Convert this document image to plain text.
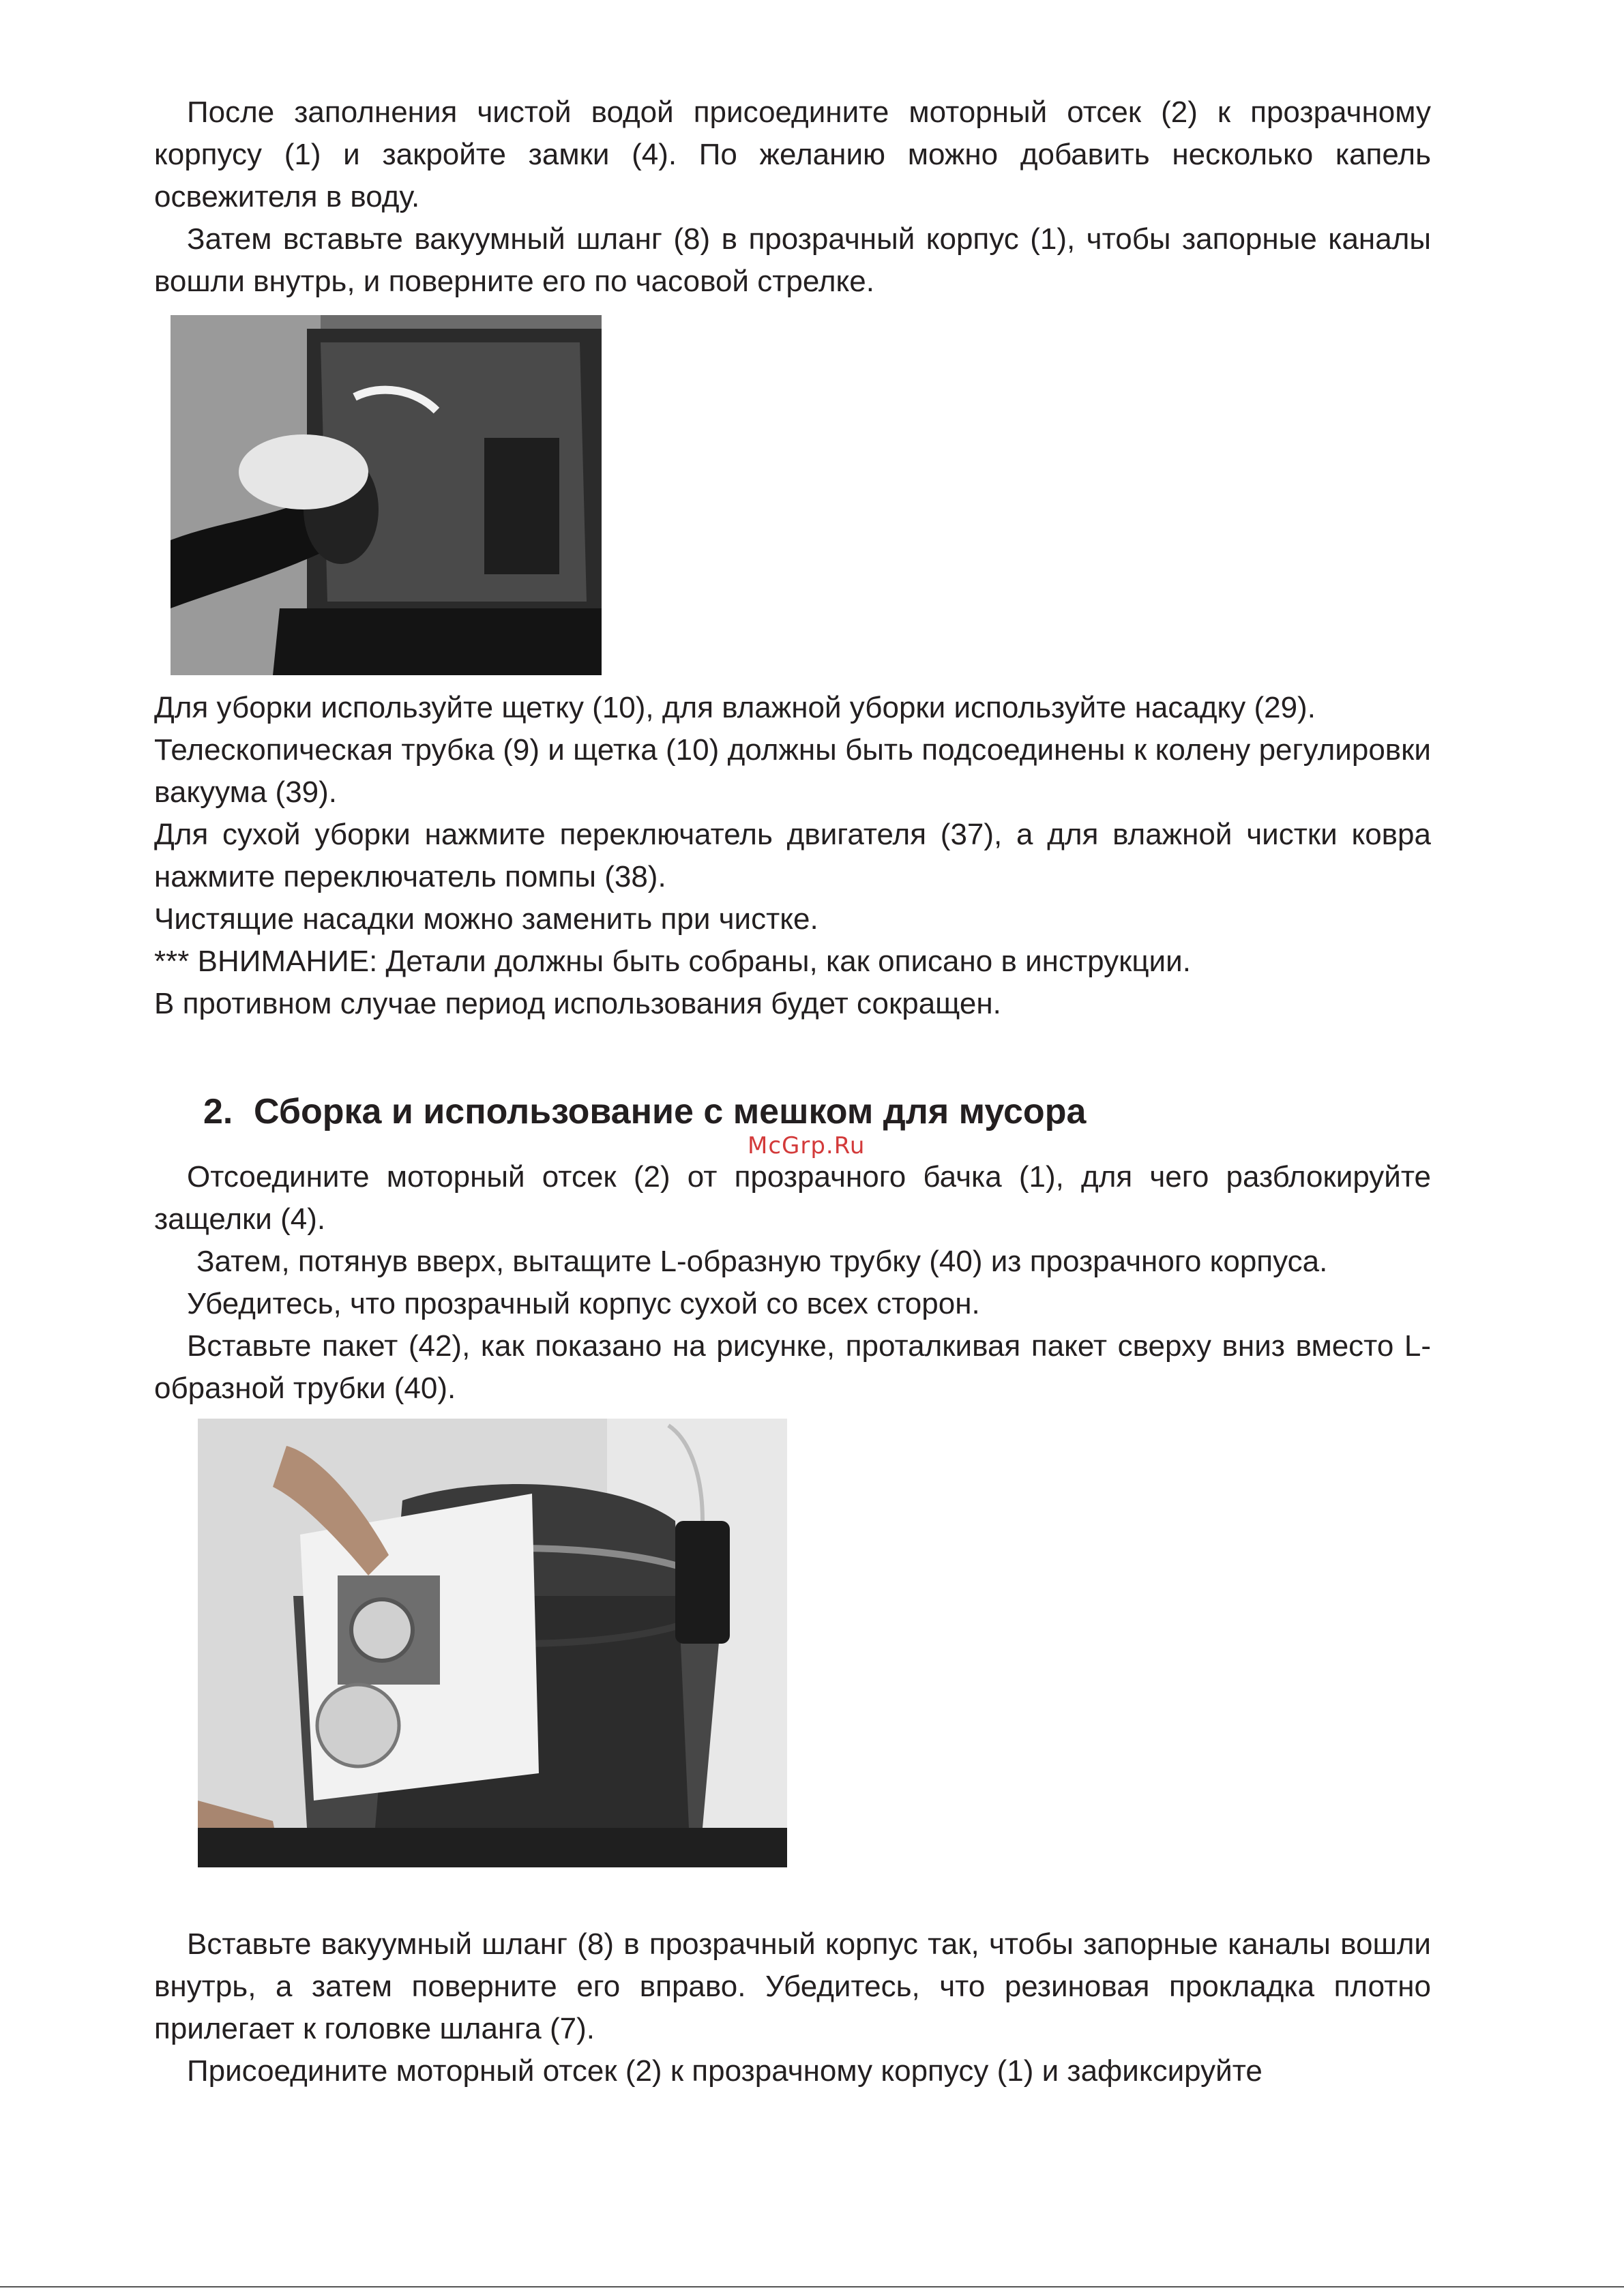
После заполнения чистой водой присоедините моторный отсек (2) к прозрачному корпусу (1) и закройте замки (4). По желанию можно добавить несколько капель освежителя в воду.

Затем вставьте вакуумный шланг (8) в прозрачный корпус (1), чтобы запорные каналы вошли внутрь, и поверните его по часовой стрелке.

Для уборки используйте щетку (10), для влажной уборки используйте насадку (29).

Телескопическая трубка (9) и щетка (10) должны быть подсоединены к колену регулировки вакуума (39).

Для сухой уборки нажмите переключатель двигателя (37), а для влажной чистки ковра нажмите переключатель помпы (38).

Чистящие насадки можно заменить при чистке.

*** ВНИМАНИЕ: Детали должны быть собраны, как описано в инструкции.

В противном случае период использования будет сокращен.

2. Сборка и использование с мешком для мусора
McGrp.Ru

Отсоедините моторный отсек (2) от прозрачного бачка (1), для чего разблокируйте защелки (4).

Затем, потянув вверх, вытащите L-образную трубку (40) из прозрачного корпуса.

Убедитесь, что прозрачный корпус сухой со всех сторон.

Вставьте пакет (42), как показано на рисунке, проталкивая пакет сверху вниз вместо L-образной трубки (40).

Вставьте вакуумный шланг (8) в прозрачный корпус так, чтобы запорные каналы вошли внутрь, а затем поверните его вправо. Убедитесь, что резиновая прокладка плотно прилегает к головке шланга (7).

Присоедините моторный отсек (2) к прозрачному корпусу (1) и зафиксируйте
